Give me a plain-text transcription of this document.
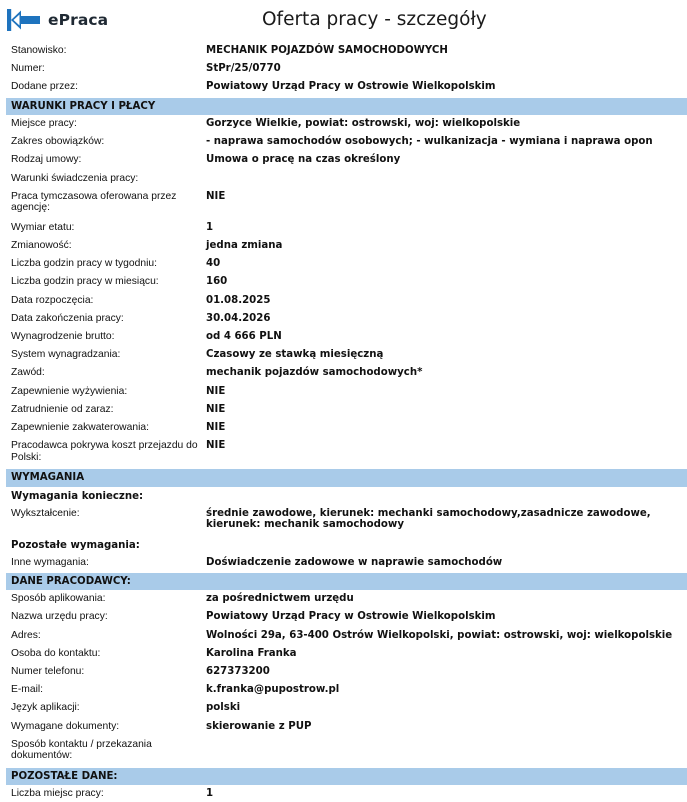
ePraca	Oferta pracy - szczegóły
Stanowisko:	MECHANIK POJAZDÓW SAMOCHODOWYCH
Numer:	StPr/25/0770
Dodane przez:	Powiatowy Urząd Pracy w Ostrowie Wielkopolskim
WARUNKI PRACY I PŁACY
Miejsce pracy:	Gorzyce Wielkie, powiat: ostrowski, woj: wielkopolskie
Zakres obowiązków:	- naprawa samochodów osobowych; - wulkanizacja - wymiana i naprawa opon
Rodzaj umowy:	Umowa o pracę na czas określony
Warunki świadczenia pracy:
Praca tymczasowa oferowana przez agencję:
NIE
Wymiar etatu:	1
Zmianowość:	jedna zmiana
Liczba godzin pracy w tygodniu:	40
Liczba godzin pracy w miesiącu:	160
Data rozpoczęcia:	01.08.2025
Data zakończenia pracy:	30.04.2026
Wynagrodzenie brutto:	od 4 666 PLN
System wynagradzania:	Czasowy ze stawką miesięczną
Zawód:	mechanik pojazdów samochodowych*
Zapewnienie wyżywienia:	NIE
Zatrudnienie od zaraz:	NIE
Zapewnienie zakwaterowania:	NIE
Pracodawca pokrywa koszt przejazdu do Polski:
NIE
WYMAGANIA
Wymagania konieczne:
Wykształcenie:	średnie zawodowe, kierunek: mechanki samochodowy,zasadnicze zawodowe, kierunek: mechanik samochodowy
Pozostałe wymagania:
Inne wymagania:	Doświadczenie zadowowe w naprawie samochodów
DANE PRACODAWCY:
Sposób aplikowania:	za pośrednictwem urzędu
Nazwa urzędu pracy:	Powiatowy Urząd Pracy w Ostrowie Wielkopolskim
Adres:	Wolności 29a, 63-400 Ostrów Wielkopolski, powiat: ostrowski, woj: wielkopolskie
Osoba do kontaktu:	Karolina Franka
Numer telefonu:	627373200
E-mail:	k.franka@pupostrow.pl
Język aplikacji:	polski
Wymagane dokumenty:	skierowanie z PUP
Sposób kontaktu / przekazania dokumentów:
POZOSTAŁE DANE:
Liczba miejsc pracy:	1
